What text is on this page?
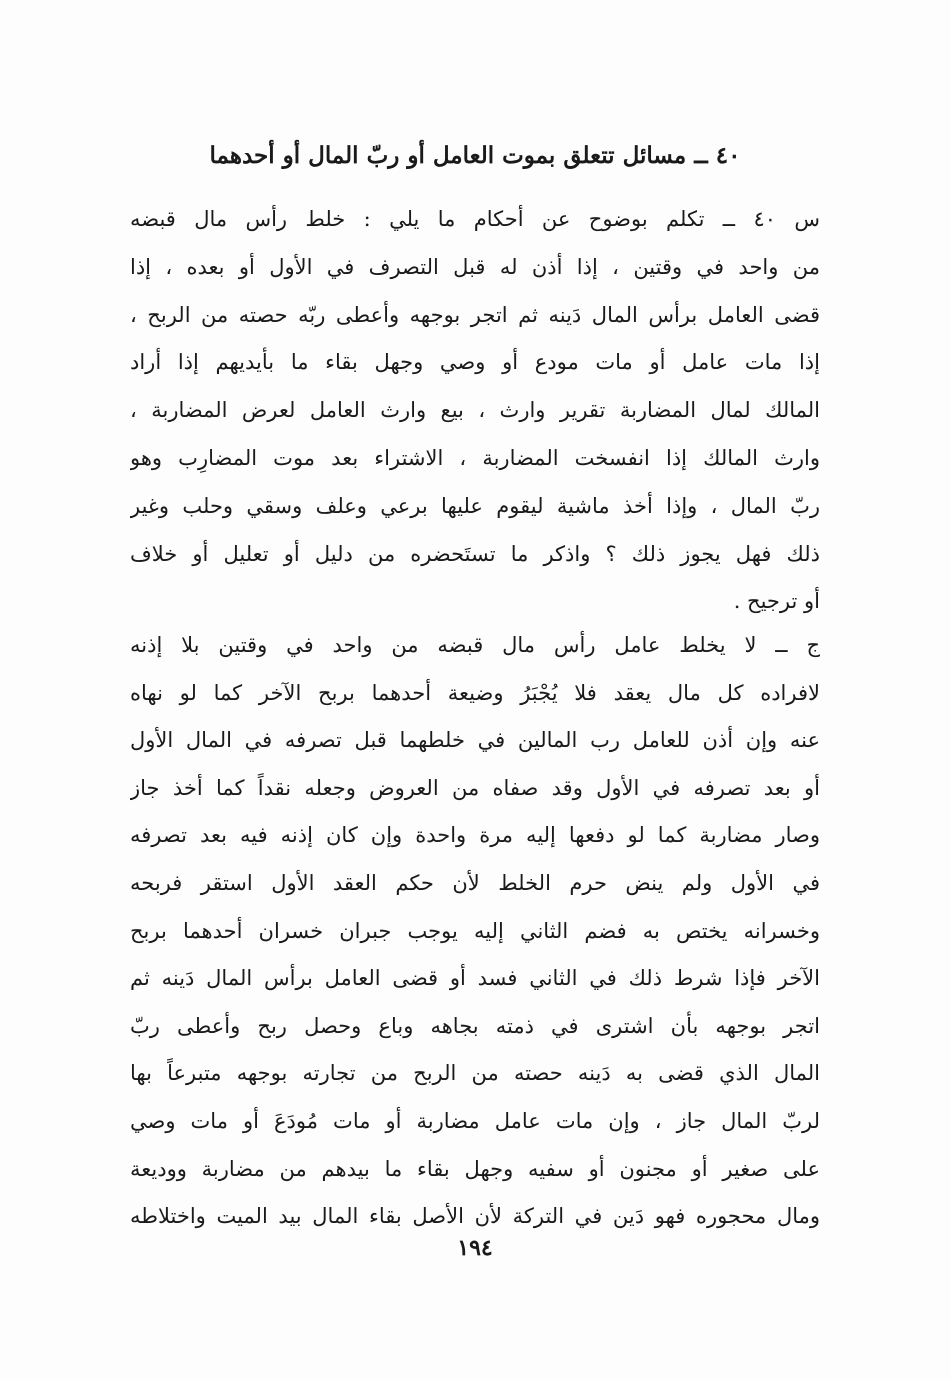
٤٠ ــ مسائل تتعلق بموت العامل أو ربّ المال أو أحدهما
س ٤٠ ــ تكلم بوضوح عن أحكام ما يلي : خلط رأس مال قبضه
من واحد في وقتين ، إذا أذن له قبل التصرف في الأول أو بعده ، إذا
قضى العامل برأس المال دَينه ثم اتجر بوجهه وأعطى ربّه حصته من الربح ،
إذا مات عامل أو مات مودع أو وصي وجهل بقاء ما بأيديهم إذا أراد
المالك لمال المضاربة تقرير وارث ، بيع وارث العامل لعرض المضاربة ،
وارث المالك إذا انفسخت المضاربة ، الاشتراء بعد موت المضارِب وهو
ربّ المال ، وإذا أخذ ماشية ليقوم عليها برعي وعلف وسقي وحلب وغير
ذلك فهل يجوز ذلك ؟ واذكر ما تستَحضره من دليل أو تعليل أو خلاف
أو ترجيح .
ج ــ لا يخلط عامل رأس مال قبضه من واحد في وقتين بلا إذنه
لافراده كل مال يعقد فلا يُجْبَرُ وضيعة أحدهما بربح الآخر كما لو نهاه
عنه وإن أذن للعامل رب المالين في خلطهما قبل تصرفه في المال الأول
أو بعد تصرفه في الأول وقد صفاه من العروض وجعله نقداً كما أخذ جاز
وصار مضاربة كما لو دفعها إليه مرة واحدة وإن كان إذنه فيه بعد تصرفه
في الأول ولم ينض حرم الخلط لأن حكم العقد الأول استقر فربحه
وخسرانه يختص به فضم الثاني إليه يوجب جبران خسران أحدهما بربح
الآخر فإذا شرط ذلك في الثاني فسد أو قضى العامل برأس المال دَينه ثم
اتجر بوجهه بأن اشترى في ذمته بجاهه وباع وحصل ربح وأعطى ربّ
المال الذي قضى به دَينه حصته من الربح من تجارته بوجهه متبرعاً بها
لربّ المال جاز ، وإن مات عامل مضاربة أو مات مُودَعَ أو مات وصي
على صغير أو مجنون أو سفيه وجهل بقاء ما بيدهم من مضاربة ووديعة
ومال محجوره فهو دَين في التركة لأن الأصل بقاء المال بيد الميت واختلاطه
١٩٤
